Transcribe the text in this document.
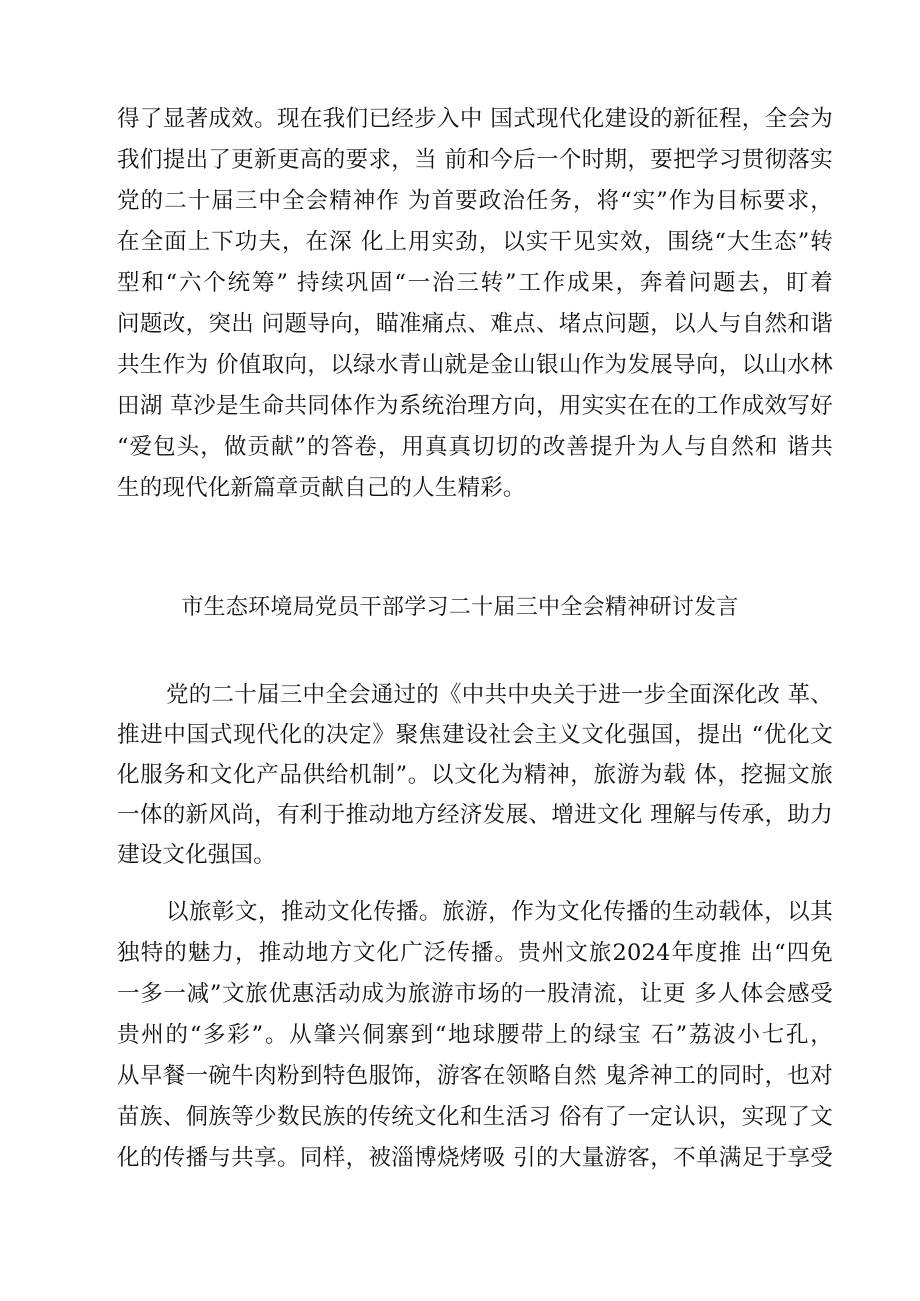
得了显著成效。现在我们已经步入中 国式现代化建设的新征程，全会为
我们提出了更新更高的要求，当 前和今后一个时期，要把学习贯彻落实
党的二十届三中全会精神作 为首要政治任务，将“实”作为目标要求，
在全面上下功夫，在深 化上用实劲，以实干见实效，围绕“大生态”转
型和“六个统筹” 持续巩固“一治三转”工作成果，奔着问题去，盯着
问题改，突出 问题导向，瞄准痛点、难点、堵点问题，以人与自然和谐
共生作为 价值取向，以绿水青山就是金山银山作为发展导向，以山水林
田湖 草沙是生命共同体作为系统治理方向，用实实在在的工作成效写好
“爱包头，做贡献”的答卷，用真真切切的改善提升为人与自然和 谐共
生的现代化新篇章贡献自己的人生精彩。
市生态环境局党员干部学习二十届三中全会精神研讨发言
党的二十届三中全会通过的《中共中央关于进一步全面深化改 革、
推进中国式现代化的决定》聚焦建设社会主义文化强国，提出 “优化文
化服务和文化产品供给机制”。以文化为精神，旅游为载 体，挖掘文旅
一体的新风尚，有利于推动地方经济发展、增进文化 理解与传承，助力
建设文化强国。
以旅彰文，推动文化传播。旅游，作为文化传播的生动载体，以其
独特的魅力，推动地方文化广泛传播。贵州文旅2024年度推 出“四免
一多一减”文旅优惠活动成为旅游市场的一股清流，让更 多人体会感受
贵州的“多彩”。从肇兴侗寨到“地球腰带上的绿宝 石”荔波小七孔，
从早餐一碗牛肉粉到特色服饰，游客在领略自然 鬼斧神工的同时，也对
苗族、侗族等少数民族的传统文化和生活习 俗有了一定认识，实现了文
化的传播与共享。同样，被淄博烧烤吸 引的大量游客，不单满足于享受
